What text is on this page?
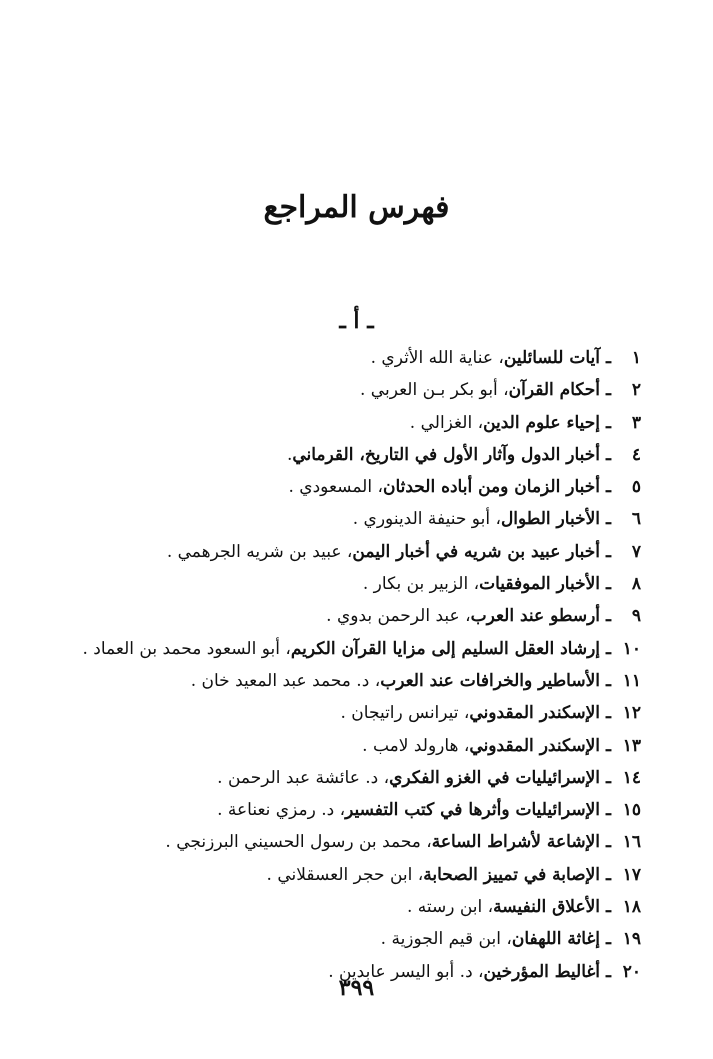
فهرس المراجع
ـ أ ـ
١
ـ
آيات للسائلين
، عناية الله الأثري .
٢
ـ
أحكام القرآن
، أبو بكر بـن العربي .
٣
ـ
إحياء علوم الدين
، الغزالي .
٤
ـ
أخبار الدول وآثار الأول في التاريخ، القرماني
.
٥
ـ
أخبار الزمان ومن أباده الحدثان
، المسعودي .
٦
ـ
الأخبار الطوال
، أبو حنيفة الدينوري .
٧
ـ
أخبار عبيد بن شريه في أخبار اليمن
، عبيد بن شريه الجرهمي .
٨
ـ
الأخبار الموفقيات
، الزبير بن بكار .
٩
ـ
أرسطو عند العرب
، عبد الرحمن بدوي .
١٠
ـ
إرشاد العقل السليم إلى مزايا القرآن الكريم
، أبو السعود محمد بن العماد .
١١
ـ
الأساطير والخرافات عند العرب
، د. محمد عبد المعيد خان .
١٢
ـ
الإسكندر المقدوني
، تيرانس راتيجان .
١٣
ـ
الإسكندر المقدوني
، هارولد لامب .
١٤
ـ
الإسرائيليات في الغزو الفكري
، د. عائشة عبد الرحمن .
١٥
ـ
الإسرائيليات وأثرها في كتب التفسير
، د. رمزي نعناعة .
١٦
ـ
الإشاعة لأشراط الساعة
، محمد بن رسول الحسيني البرزنجي .
١٧
ـ
الإصابة في تمييز الصحابة
، ابن حجر العسقلاني .
١٨
ـ
الأعلاق النفيسة
، ابن رسته .
١٩
ـ
إغاثة اللهفان
، ابن قيم الجوزية .
٢٠
ـ
أغاليط المؤرخين
، د. أبو اليسر عابدين .
٣٩٩
